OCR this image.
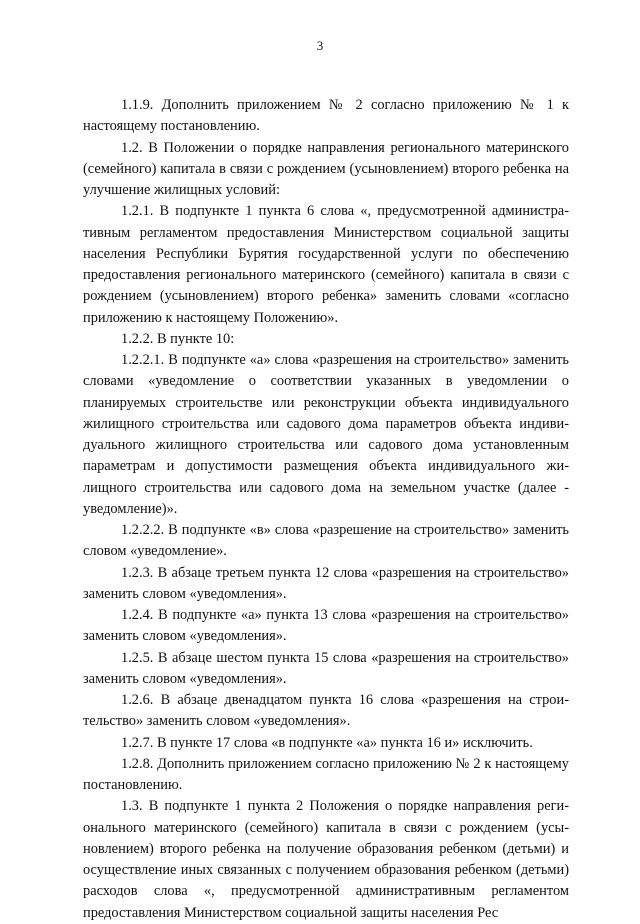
3

1.1.9. Дополнить приложением № 2 согласно приложению № 1 к настоящему постановлению.

1.2. В Положении о порядке направления регионального материнского (семейного) капитала в связи с рождением (усыновлением) второго ребенка на улучшение жилищных условий:

1.2.1. В подпункте 1 пункта 6 слова «, предусмотренной административным регламентом предоставления Министерством социальной защиты населения Республики Бурятия государственной услуги по обеспечению предоставления регионального материнского (семейного) капитала в связи с рождением (усыновлением) второго ребенка» заменить словами «согласно приложению к настоящему Положению».

1.2.2. В пункте 10:

1.2.2.1. В подпункте «а» слова «разрешения на строительство» заменить словами «уведомление о соответствии указанных в уведомлении о планируемых строительстве или реконструкции объекта индивидуального жилищного строительства или садового дома параметров объекта индивидуального жилищного строительства или садового дома установленным параметрам и допустимости размещения объекта индивидуального жилищного строительства или садового дома на земельном участке (далее - уведомление)».

1.2.2.2. В подпункте «в» слова «разрешение на строительство» заменить словом «уведомление».

1.2.3. В абзаце третьем пункта 12 слова «разрешения на строительство» заменить словом «уведомления».

1.2.4. В подпункте «а» пункта 13 слова «разрешения на строительство» заменить словом «уведомления».

1.2.5. В абзаце шестом пункта 15 слова «разрешения на строительство» заменить словом «уведомления».

1.2.6. В абзаце двенадцатом пункта 16 слова «разрешения на строительство» заменить словом «уведомления».

1.2.7. В пункте 17 слова «в подпункте «а» пункта 16 и» исключить.

1.2.8. Дополнить приложением согласно приложению № 2 к настоящему постановлению.

1.3. В подпункте 1 пункта 2 Положения о порядке направления регионального материнского (семейного) капитала в связи с рождением (усыновлением) второго ребенка на получение образования ребенком (детьми) и осуществление иных связанных с получением образования ребенком (детьми) расходов слова «, предусмотренной административным регламентом предоставления Министерством социальной защиты населения Рес
